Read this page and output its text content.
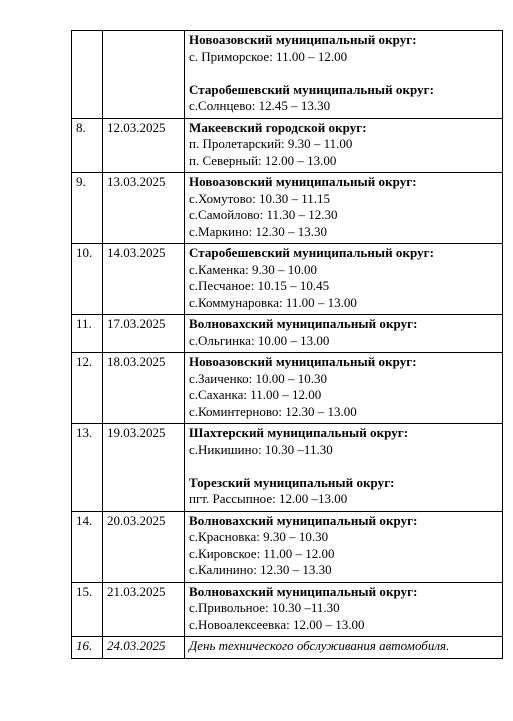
		Новоазовский муниципальный округ:
с. Приморское: 11.00 – 12.00
Старобешевский муниципальный округ:
с.Солнцево: 12.45 – 13.30

8.	12.03.2025	Макеевский городской округ:
п. Пролетарский: 9.30 – 11.00
п. Северный: 12.00 – 13.00

9.	13.03.2025	Новоазовский муниципальный округ:
с.Хомутово: 10.30 – 11.15
с.Самойлово: 11.30 – 12.30
с.Маркино: 12.30 – 13.30

10.	14.03.2025	Старобешевский муниципальный округ:
с.Каменка: 9.30 – 10.00
с.Песчаное: 10.15 – 10.45
с.Коммунаровка: 11.00 – 13.00

11.	17.03.2025	Волновахский муниципальный округ:
с.Ольгинка: 10.00 – 13.00

12.	18.03.2025	Новоазовский муниципальный округ:
с.Заиченко: 10.00 – 10.30
с.Саханка: 11.00 – 12.00
с.Коминтерново: 12.30 – 13.00

13.	19.03.2025	Шахтерский муниципальный округ:
с.Никишино: 10.30 –11.30
Торезский муниципальный округ:
пгт. Рассыпное: 12.00 –13.00

14.	20.03.2025	Волновахский муниципальный округ:
с.Красновка: 9.30 – 10.30
с.Кировское: 11.00 – 12.00
с.Калинино: 12.30 – 13.30

15.	21.03.2025	Волновахский муниципальный округ:
с.Привольное: 10.30 –11.30
с.Новоалексеевка: 12.00 – 13.00

16.	24.03.2025	День технического обслуживания автомобиля.
